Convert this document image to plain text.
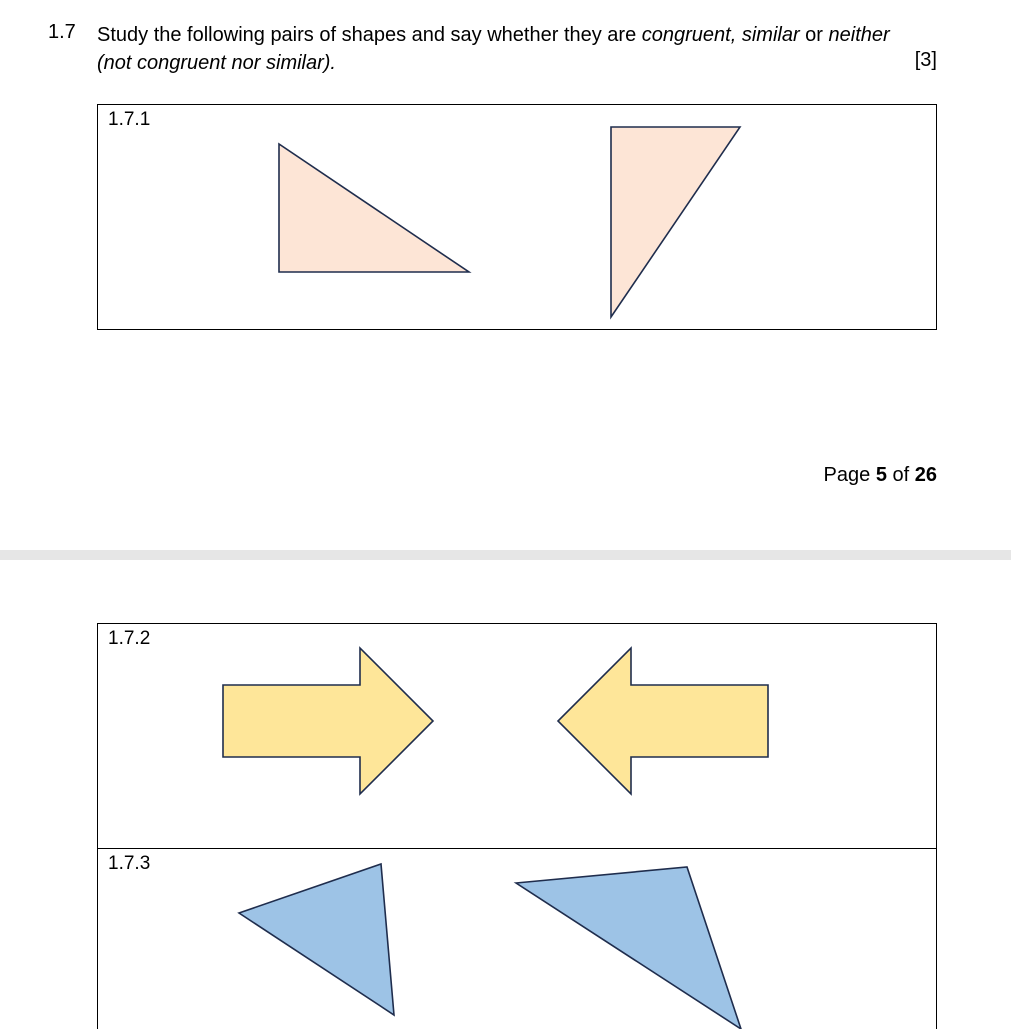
1.7 Study the following pairs of shapes and say whether they are congruent, similar or neither
(not congruent nor similar).	[3]
1.7.1
Page 5 of 26
1.7.2
1.7.3
